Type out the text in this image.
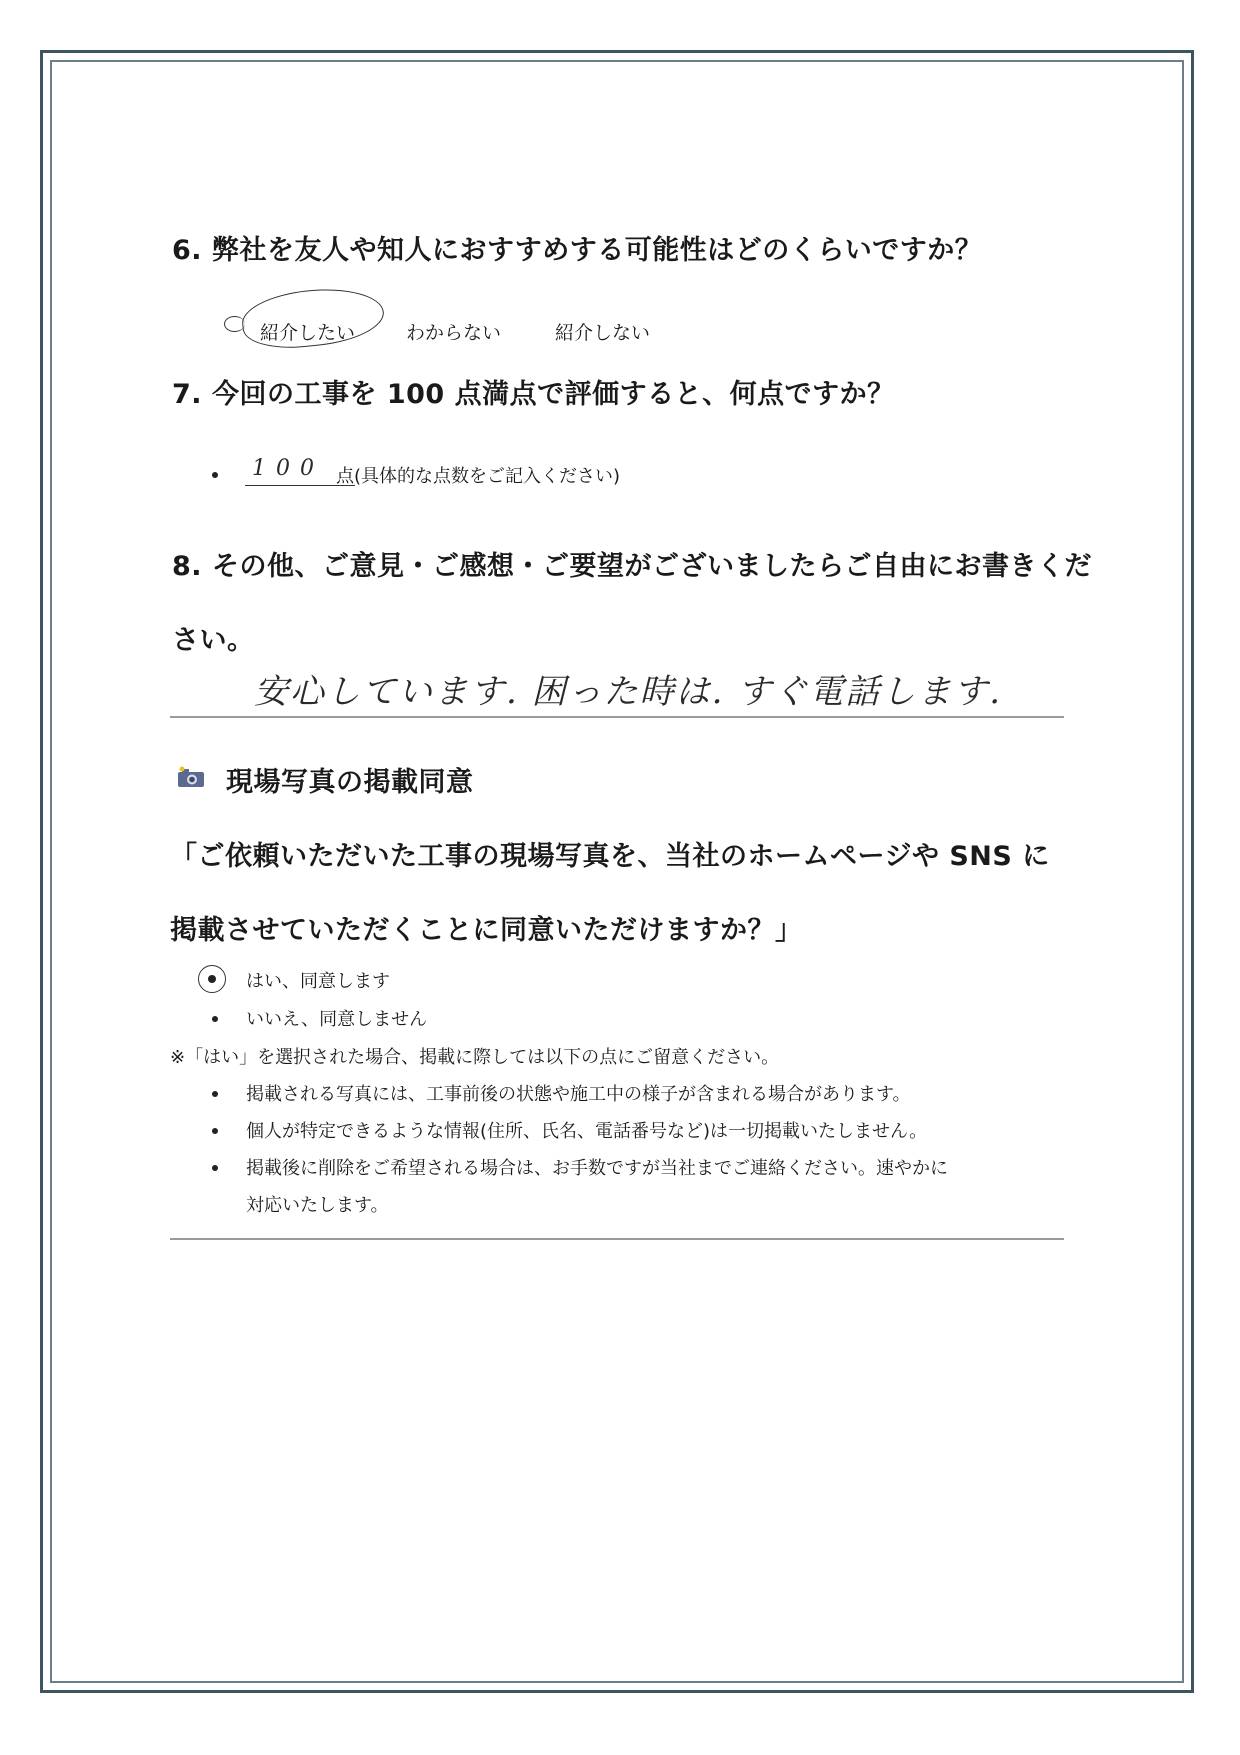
6. 弊社を友人や知人におすすめする可能性はどのくらいですか？
紹介したい	わからない	紹介しない
7. 今回の工事を 100 点満点で評価すると、何点ですか？
100 点(具体的な点数をご記入ください)
8. その他、ご意見・ご感想・ご要望がございましたらご自由にお書きくだ
さい。
安心しています. 困った時は. すぐ電話します.
現場写真の掲載同意
「ご依頼いただいた工事の現場写真を、当社のホームページや SNS に
掲載させていただくことに同意いただけますか？」
はい、同意します
いいえ、同意しません
※「はい」を選択された場合、掲載に際しては以下の点にご留意ください。
掲載される写真には、工事前後の状態や施工中の様子が含まれる場合があります。
個人が特定できるような情報(住所、氏名、電話番号など)は一切掲載いたしません。
掲載後に削除をご希望される場合は、お手数ですが当社までご連絡ください。速やかに
対応いたします。
